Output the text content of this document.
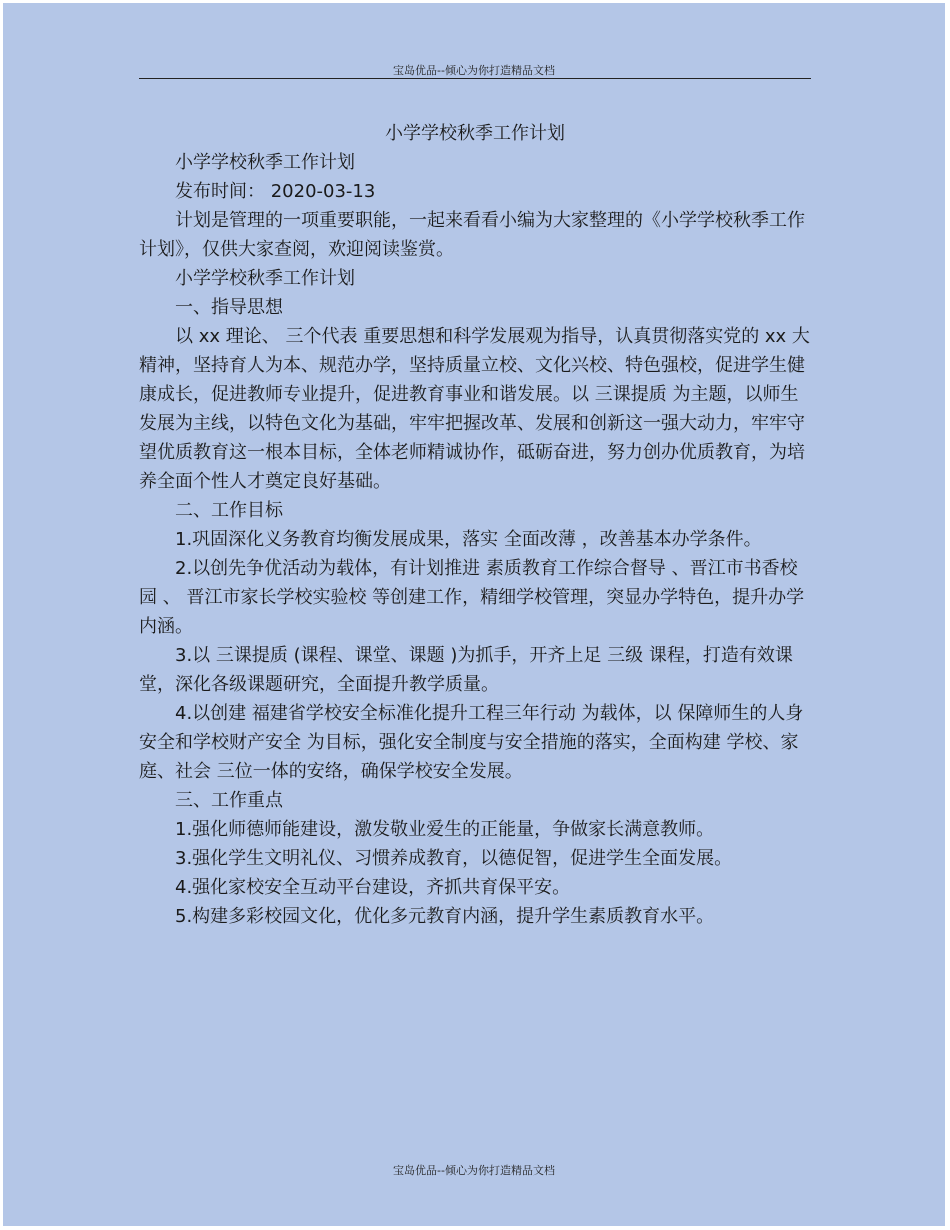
宝岛优品--倾心为你打造精品文档

小学学校秋季工作计划

小学学校秋季工作计划

发布时间： 2020-03-13

计划是管理的一项重要职能，一起来看看小编为大家整理的《小学学校秋季工作计划》，仅供大家查阅，欢迎阅读鉴赏。

小学学校秋季工作计划

一、指导思想

以 xx 理论、 三个代表 重要思想和科学发展观为指导，认真贯彻落实党的 xx 大精神，坚持育人为本、规范办学，坚持质量立校、文化兴校、特色强校，促进学生健康成长，促进教师专业提升，促进教育事业和谐发展。以 三课提质 为主题，以师生发展为主线，以特色文化为基础，牢牢把握改革、发展和创新这一强大动力，牢牢守望优质教育这一根本目标，全体老师精诚协作，砥砺奋进，努力创办优质教育，为培养全面个性人才奠定良好基础。

二、工作目标

1.巩固深化义务教育均衡发展成果，落实 全面改薄 ，改善基本办学条件。

2.以创先争优活动为载体，有计划推进 素质教育工作综合督导 、晋江市书香校园 、 晋江市家长学校实验校 等创建工作，精细学校管理，突显办学特色，提升办学内涵。

3.以 三课提质 (课程、课堂、课题 )为抓手，开齐上足 三级 课程，打造有效课堂，深化各级课题研究，全面提升教学质量。

4.以创建 福建省学校安全标准化提升工程三年行动 为载体，以 保障师生的人身安全和学校财产安全 为目标，强化安全制度与安全措施的落实，全面构建 学校、家庭、社会 三位一体的安络，确保学校安全发展。

三、工作重点

1.强化师德师能建设，激发敬业爱生的正能量，争做家长满意教师。

3.强化学生文明礼仪、习惯养成教育，以德促智，促进学生全面发展。

4.强化家校安全互动平台建设，齐抓共育保平安。

5.构建多彩校园文化，优化多元教育内涵，提升学生素质教育水平。

宝岛优品--倾心为你打造精品文档
